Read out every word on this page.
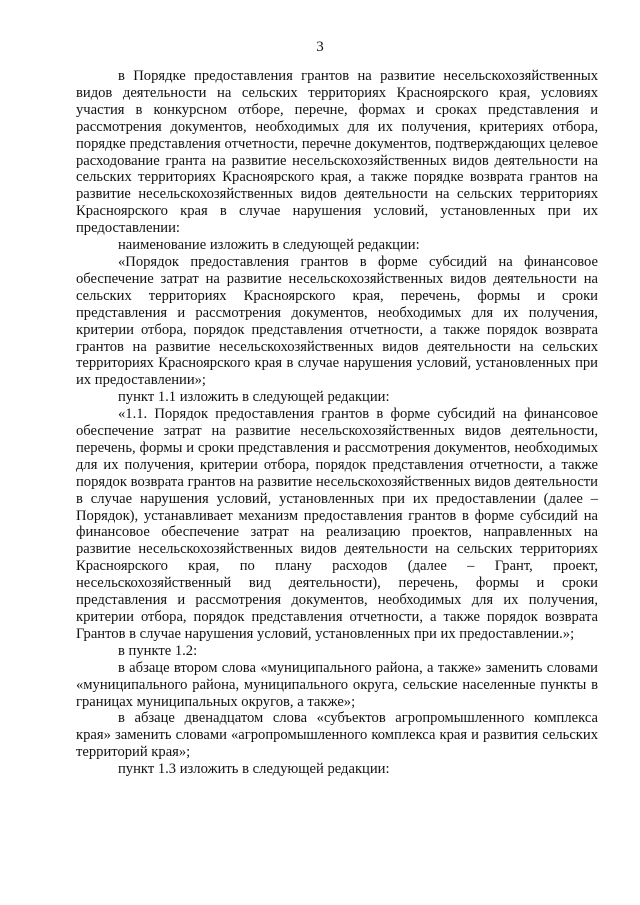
3

в Порядке предоставления грантов на развитие несельскохозяйственных видов деятельности на сельских территориях Красноярского края, условиях участия в конкурсном отборе, перечне, формах и сроках представления и рассмотрения документов, необходимых для их получения, критериях отбора, порядке представления отчетности, перечне документов, подтверждающих целевое расходование гранта на развитие несельскохозяйственных видов деятельности на сельских территориях Красноярского края, а также порядке возврата грантов на развитие несельскохозяйственных видов деятельности на сельских территориях Красноярского края в случае нарушения условий, установленных при их предоставлении:

наименование изложить в следующей редакции:

«Порядок предоставления грантов в форме субсидий на финансовое обеспечение затрат на развитие несельскохозяйственных видов деятельности на сельских территориях Красноярского края, перечень, формы и сроки представления и рассмотрения документов, необходимых для их получения, критерии отбора, порядок представления отчетности, а также порядок возврата грантов на развитие несельскохозяйственных видов деятельности на сельских территориях Красноярского края в случае нарушения условий, установленных при их предоставлении»;

пункт 1.1 изложить в следующей редакции:

«1.1. Порядок предоставления грантов в форме субсидий на финансовое обеспечение затрат на развитие несельскохозяйственных видов деятельности, перечень, формы и сроки представления и рассмотрения документов, необходимых для их получения, критерии отбора, порядок представления отчетности, а также порядок возврата грантов на развитие несельскохозяйственных видов деятельности в случае нарушения условий, установленных при их предоставлении (далее – Порядок), устанавливает механизм предоставления грантов в форме субсидий на финансовое обеспечение затрат на реализацию проектов, направленных на развитие несельскохозяйственных видов деятельности на сельских территориях Красноярского края, по плану расходов (далее – Грант, проект, несельскохозяйственный вид деятельности), перечень, формы и сроки представления и рассмотрения документов, необходимых для их получения, критерии отбора, порядок представления отчетности, а также порядок возврата Грантов в случае нарушения условий, установленных при их предоставлении.»;

в пункте 1.2:

в абзаце втором слова «муниципального района, а также» заменить словами «муниципального района, муниципального округа, сельские населенные пункты в границах муниципальных округов, а также»;

в абзаце двенадцатом слова «субъектов агропромышленного комплекса края» заменить словами «агропромышленного комплекса края и развития сельских территорий края»;

пункт 1.3 изложить в следующей редакции:
